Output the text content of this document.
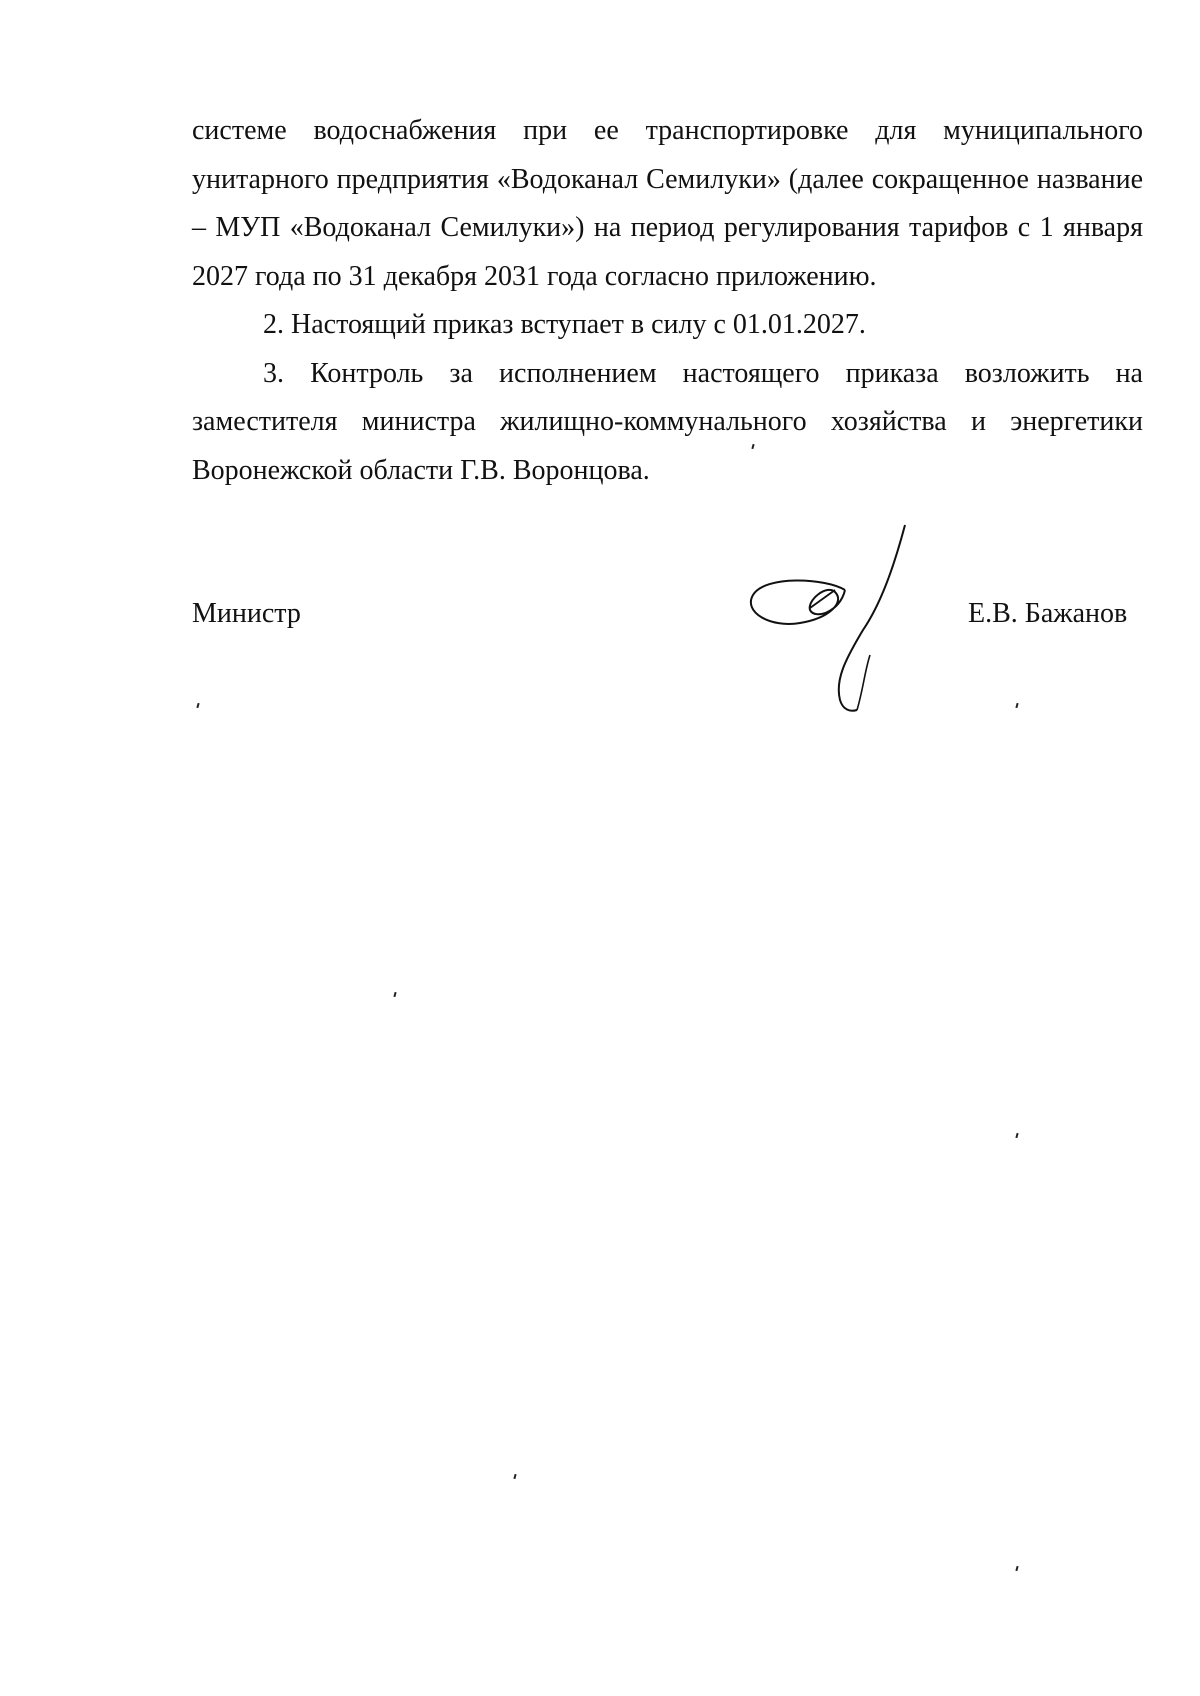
системе водоснабжения при ее транспортировке для муниципального унитарного предприятия «Водоканал Семилуки» (далее сокращенное название – МУП «Водоканал Семилуки») на период регулирования тарифов с 1 января 2027 года по 31 декабря 2031 года согласно приложению.

2. Настоящий приказ вступает в силу с 01.01.2027.

3. Контроль за исполнением настоящего приказа возложить на заместителя министра жилищно-коммунального хозяйства и энергетики Воронежской области Г.В. Воронцова.

Министр	Е.В. Бажанов
